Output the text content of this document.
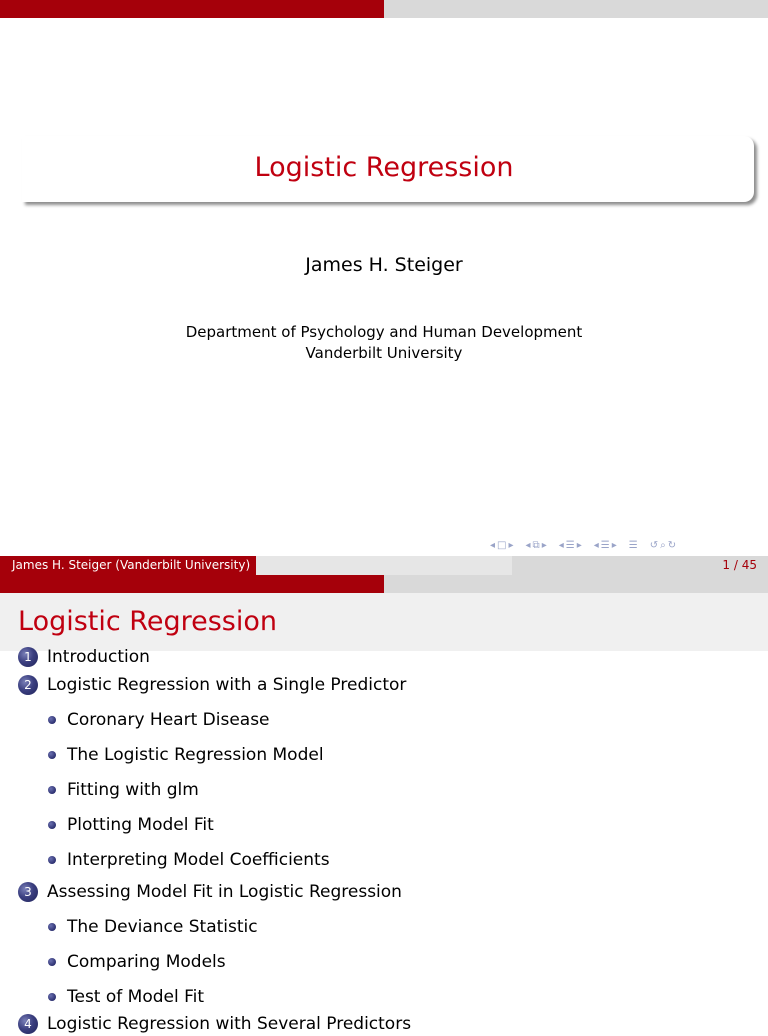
Logistic Regression
James H. Steiger
Department of Psychology and Human Development
Vanderbilt University
◂ □ ▸ ◂ ⧉ ▸ ◂ ☰ ▸ ◂ ☰ ▸ ☰ ↺ ⌕ ↻
James H. Steiger (Vanderbilt University)	1 / 45
Logistic Regression
1 Introduction
2 Logistic Regression with a Single Predictor
Coronary Heart Disease
The Logistic Regression Model
Fitting with glm
Plotting Model Fit
Interpreting Model Coefficients
3 Assessing Model Fit in Logistic Regression
The Deviance Statistic
Comparing Models
Test of Model Fit
4 Logistic Regression with Several Predictors
